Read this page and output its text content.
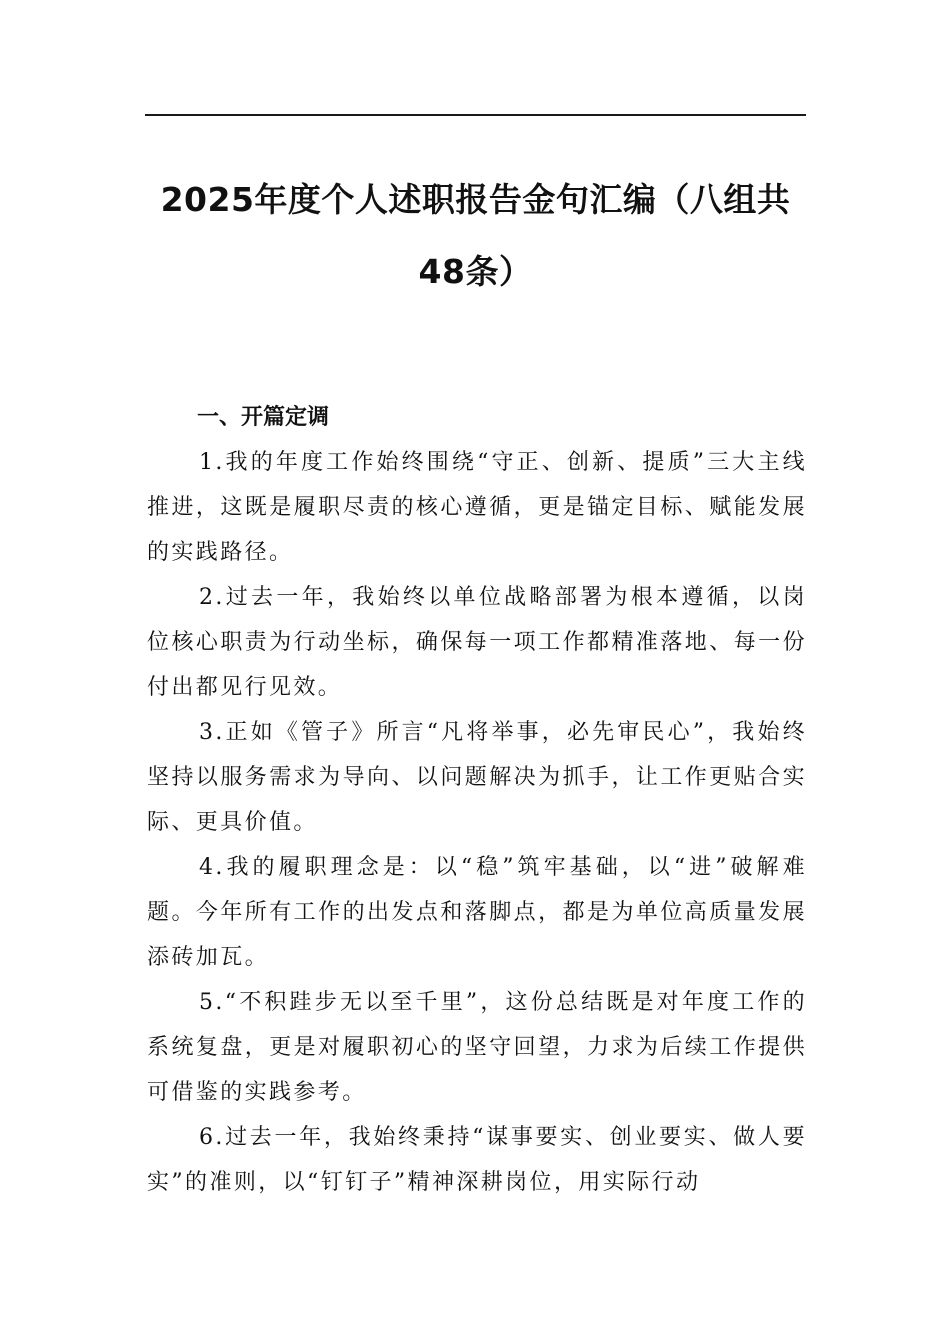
2025年度个人述职报告金句汇编（八组共48条）
一、开篇定调

1.我的年度工作始终围绕“守正、创新、提质”三大主线推进，这既是履职尽责的核心遵循，更是锚定目标、赋能发展的实践路径。

2.过去一年，我始终以单位战略部署为根本遵循，以岗位核心职责为行动坐标，确保每一项工作都精准落地、每一份付出都见行见效。

3.正如《管子》所言“凡将举事，必先审民心”，我始终坚持以服务需求为导向、以问题解决为抓手，让工作更贴合实际、更具价值。

4.我的履职理念是：以“稳”筑牢基础，以“进”破解难题。今年所有工作的出发点和落脚点，都是为单位高质量发展添砖加瓦。

5.“不积跬步无以至千里”，这份总结既是对年度工作的系统复盘，更是对履职初心的坚守回望，力求为后续工作提供可借鉴的实践参考。

6.过去一年，我始终秉持“谋事要实、创业要实、做人要实”的准则，以“钉钉子”精神深耕岗位，用实际行动
